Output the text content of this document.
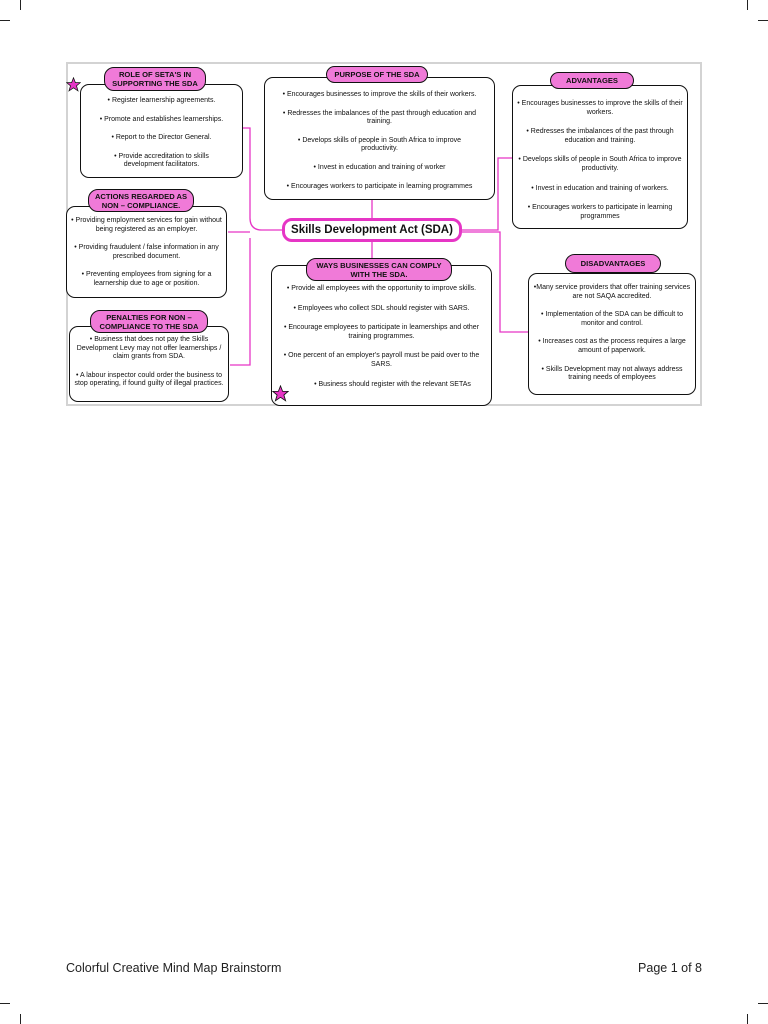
ROLE OF SETA'S IN SUPPORTING THE SDA

• Register learnership agreements.

• Promote and establishes learnerships.

• Report to the Director General.

• Provide accreditation to skills development facilitators.

PURPOSE OF THE SDA

• Encourages businesses to improve the skills of their workers.

• Redresses the imbalances of the past through education and training.

• Develops skills of people in South Africa to improve productivity.

• Invest in education and training of worker

• Encourages workers to participate in learning programmes

ADVANTAGES

• Encourages businesses to improve the skills of their workers.

• Redresses the imbalances of the past through education and training.

• Develops skills of people in South Africa to improve productivity.

• Invest in education and training of workers.

• Encourages workers to participate in learning programmes

ACTIONS REGARDED AS NON – COMPLIANCE.

• Providing employment services for gain without being registered as an employer.

• Providing fraudulent / false information in any prescribed document.

• Preventing employees from signing for a learnership due to age or position.

Skills Development Act (SDA)
WAYS BUSINESSES CAN COMPLY WITH THE SDA.

• Provide all employees with the opportunity to improve skills.

• Employees who collect SDL should register with SARS.

• Encourage employees to participate in learnerships and other training programmes.

• One percent of an employer's payroll must be paid over to the SARS.

• Business should register with the relevant SETAs

DISADVANTAGES

•Many service providers that offer training services are not SAQA accredited.

• Implementation of the SDA can be difficult to monitor and control.

• Increases cost as the process requires a large amount of paperwork.

• Skills Development may not always address training needs of employees

PENALTIES FOR NON – COMPLIANCE TO THE SDA

• Business that does not pay the Skills Development Levy may not offer learnerships / claim grants from SDA.

• A labour inspector could order the business to stop operating, if found guilty of illegal practices.

Colorful Creative Mind Map Brainstorm	Page 1 of 8
